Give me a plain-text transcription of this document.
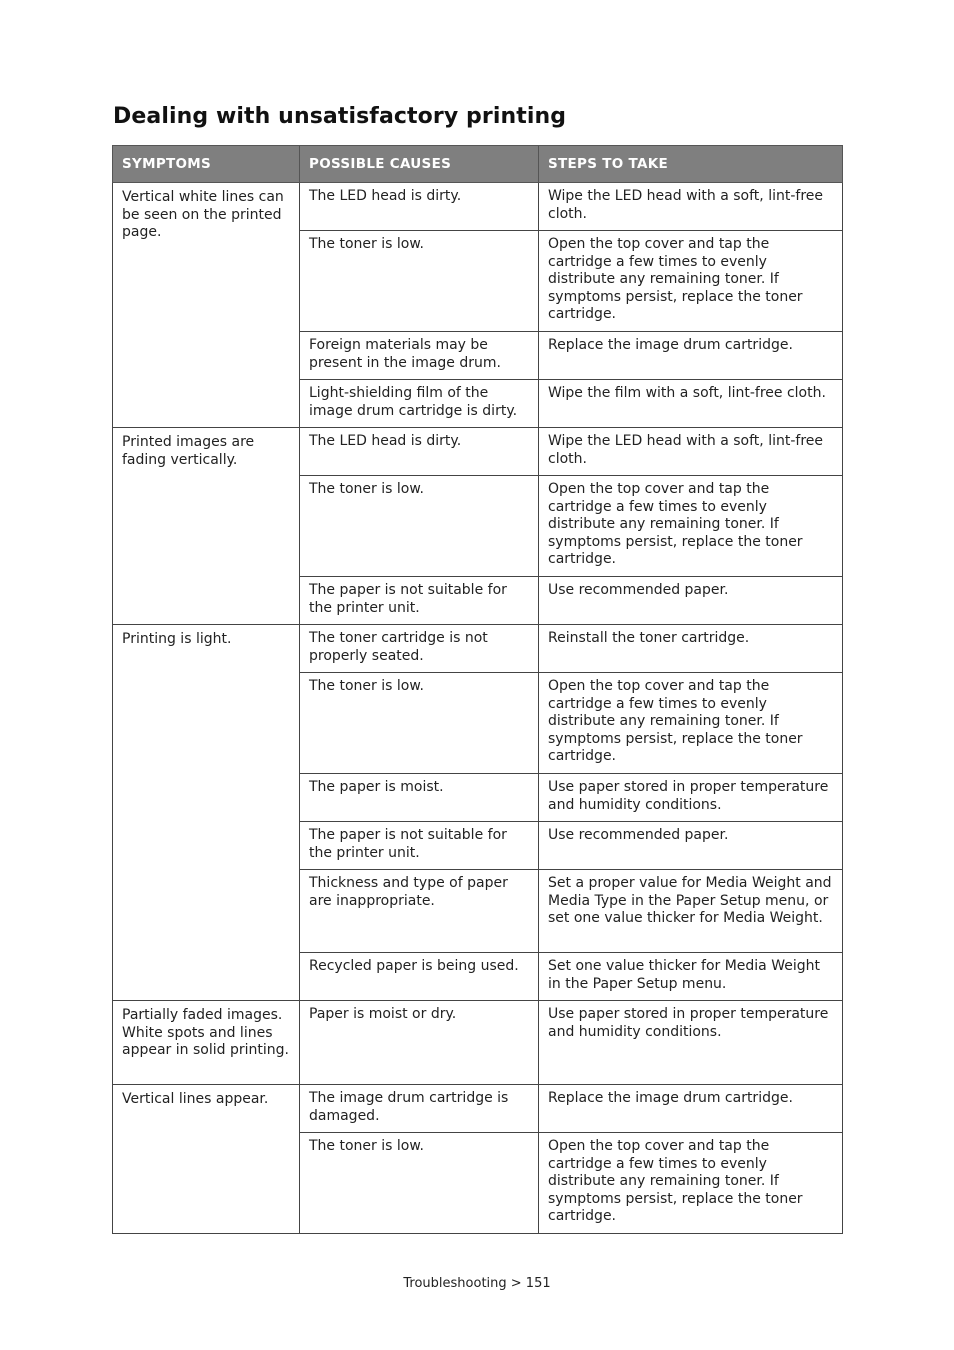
Dealing with unsatisfactory printing
SYMPTOMS	POSSIBLE CAUSES	STEPS TO TAKE
Vertical white lines can be seen on the printed page.	The LED head is dirty.	Wipe the LED head with a soft, lint-free cloth.
	The toner is low.	Open the top cover and tap the cartridge a few times to evenly distribute any remaining toner. If symptoms persist, replace the toner cartridge.
	Foreign materials may be present in the image drum.	Replace the image drum cartridge.
	Light-shielding film of the image drum cartridge is dirty.	Wipe the film with a soft, lint-free cloth.
Printed images are fading vertically.	The LED head is dirty.	Wipe the LED head with a soft, lint-free cloth.
	The toner is low.	Open the top cover and tap the cartridge a few times to evenly distribute any remaining toner. If symptoms persist, replace the toner cartridge.
	The paper is not suitable for the printer unit.	Use recommended paper.
Printing is light.	The toner cartridge is not properly seated.	Reinstall the toner cartridge.
	The toner is low.	Open the top cover and tap the cartridge a few times to evenly distribute any remaining toner. If symptoms persist, replace the toner cartridge.
	The paper is moist.	Use paper stored in proper temperature and humidity conditions.
	The paper is not suitable for the printer unit.	Use recommended paper.
	Thickness and type of paper are inappropriate.	Set a proper value for Media Weight and Media Type in the Paper Setup menu, or set one value thicker for Media Weight.
	Recycled paper is being used.	Set one value thicker for Media Weight in the Paper Setup menu.
Partially faded images. White spots and lines appear in solid printing.	Paper is moist or dry.	Use paper stored in proper temperature and humidity conditions.
Vertical lines appear.	The image drum cartridge is damaged.	Replace the image drum cartridge.
	The toner is low.	Open the top cover and tap the cartridge a few times to evenly distribute any remaining toner. If symptoms persist, replace the toner cartridge.
Troubleshooting > 151
